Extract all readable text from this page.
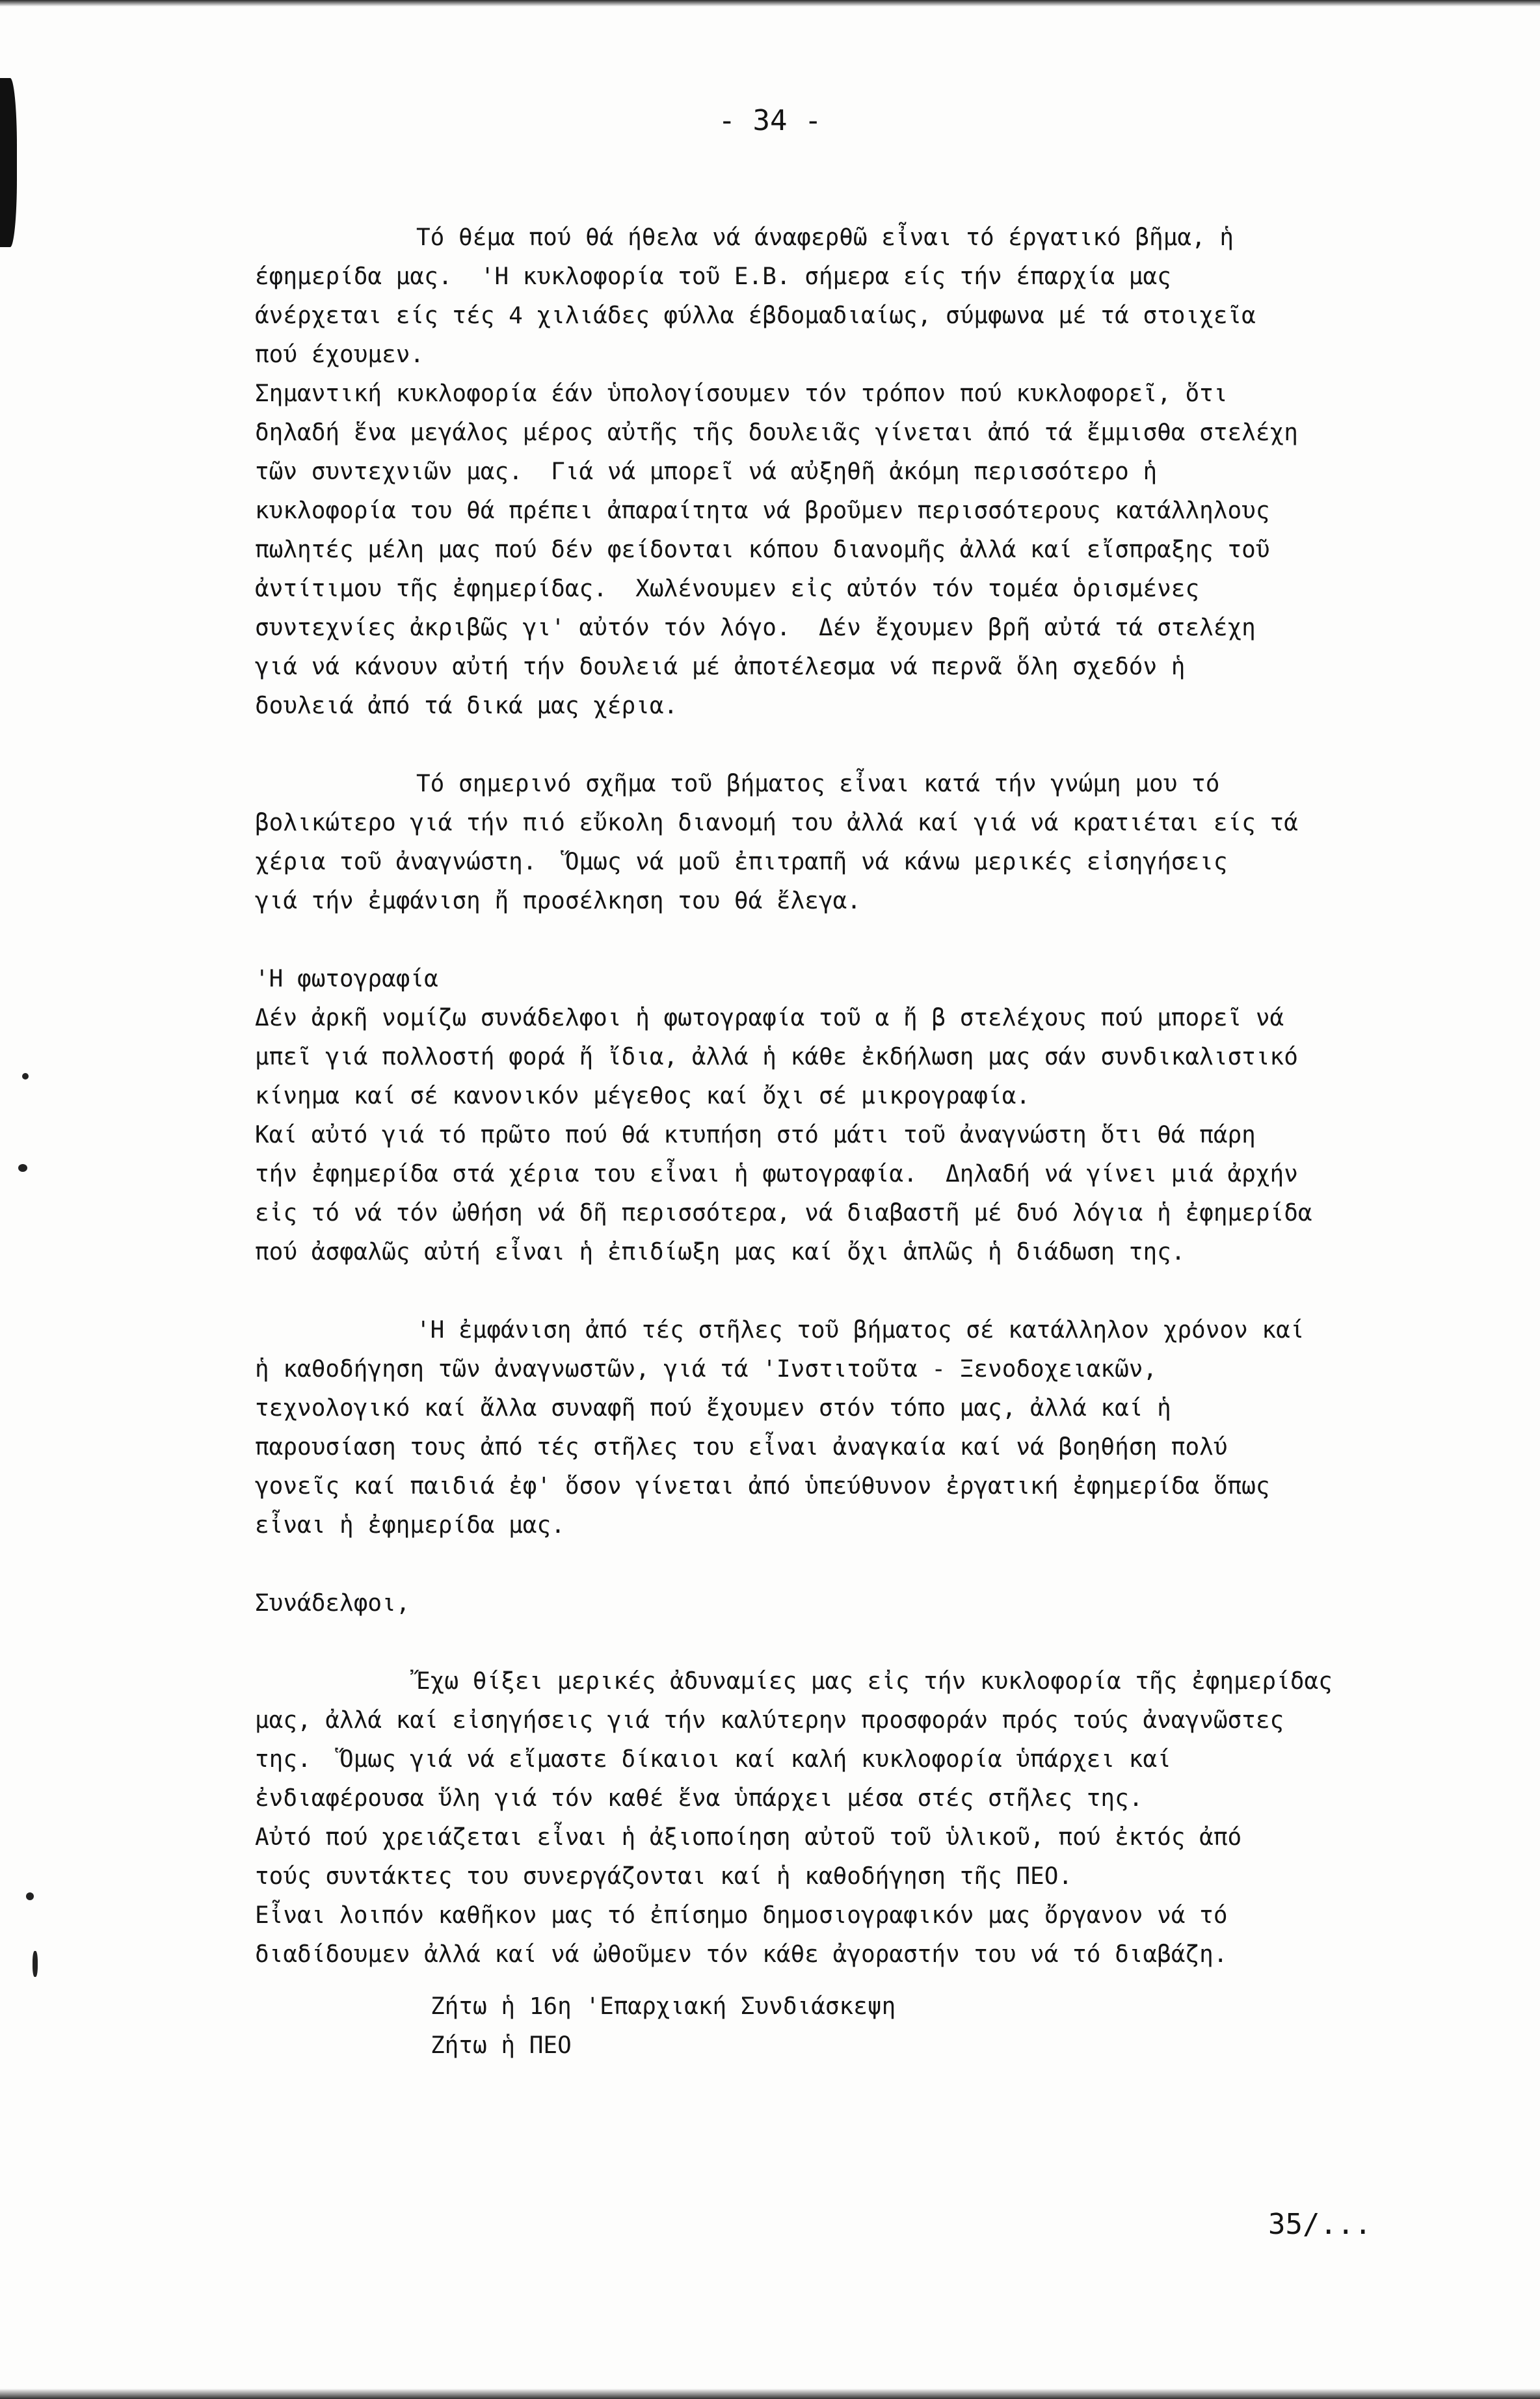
- 34 -
Τό θέμα πού θά ήθελα νά άναφερθῶ εἶναι τό έργατικό βῆμα, ἡ
έφημερίδα μας.  'Η κυκλοφορία τοῦ Ε.Β. σήμερα είς τήν έπαρχία μας
άνέρχεται είς τές 4 χιλιάδες φύλλα έβδομαδιαίως, σύμφωνα μέ τά στοιχεῖα
πού έχουμεν.
Σημαντική κυκλοφορία έάν ὑπολογίσουμεν τόν τρόπον πού κυκλοφορεῖ, ὅτι
δηλαδή ἕνα μεγάλος μέρος αὐτῆς τῆς δουλειᾶς γίνεται ἀπό τά ἔμμισθα στελέχη
τῶν συντεχνιῶν μας.  Γιά νά μπορεῖ νά αὐξηθῆ ἀκόμη περισσότερο ἡ
κυκλοφορία του θά πρέπει ἀπαραίτητα νά βροῦμεν περισσότερους κατάλληλους
πωλητές μέλη μας πού δέν φείδονται κόπου διανομῆς ἀλλά καί εἴσπραξης τοῦ
ἀντίτιμου τῆς ἐφημερίδας.  Χωλένουμεν εἰς αὐτόν τόν τομέα ὁρισμένες
συντεχνίες ἀκριβῶς γι' αὐτόν τόν λόγο.  Δέν ἔχουμεν βρῆ αὐτά τά στελέχη
γιά νά κάνουν αὐτή τήν δουλειά μέ ἀποτέλεσμα νά περνᾶ ὅλη σχεδόν ἡ
δουλειά ἀπό τά δικά μας χέρια.
Τό σημερινό σχῆμα τοῦ βήματος εἶναι κατά τήν γνώμη μου τό
βολικώτερο γιά τήν πιό εὔκολη διανομή του ἀλλά καί γιά νά κρατιέται είς τά
χέρια τοῦ ἀναγνώστη.  Ὅμως νά μοῦ ἐπιτραπῆ νά κάνω μερικές εἰσηγήσεις
γιά τήν ἐμφάνιση ἤ προσέλκηση του θά ἔλεγα.
'Η φωτογραφία
Δέν ἀρκῆ νομίζω συνάδελφοι ἡ φωτογραφία τοῦ α ἤ β στελέχους πού μπορεῖ νά
μπεῖ γιά πολλοστή φορά ἤ ἴδια, ἀλλά ἡ κάθε ἐκδήλωση μας σάν συνδικαλιστικό
κίνημα καί σέ κανονικόν μέγεθος καί ὄχι σέ μικρογραφία.
Καί αὐτό γιά τό πρῶτο πού θά κτυπήση στό μάτι τοῦ ἀναγνώστη ὅτι θά πάρη
τήν ἐφημερίδα στά χέρια του εἶναι ἡ φωτογραφία.  Δηλαδή νά γίνει μιά ἀρχήν
εἰς τό νά τόν ὠθήση νά δῆ περισσότερα, νά διαβαστῆ μέ δυό λόγια ἡ ἐφημερίδα
πού ἀσφαλῶς αὐτή εἶναι ἡ ἐπιδίωξη μας καί ὄχι ἁπλῶς ἡ διάδωση της.
'Η ἐμφάνιση ἀπό τές στῆλες τοῦ βήματος σέ κατάλληλον χρόνον καί
ἡ καθοδήγηση τῶν ἀναγνωστῶν, γιά τά 'Ινστιτοῦτα - Ξενοδοχειακῶν,
τεχνολογικό καί ἄλλα συναφῆ πού ἔχουμεν στόν τόπο μας, ἀλλά καί ἡ
παρουσίαση τους ἀπό τές στῆλες του εἶναι ἀναγκαία καί νά βοηθήση πολύ
γονεῖς καί παιδιά ἐφ' ὅσον γίνεται ἀπό ὑπεύθυνον ἐργατική ἐφημερίδα ὅπως
εἶναι ἡ ἐφημερίδα μας.
Συνάδελφοι,
Ἔχω θίξει μερικές ἀδυναμίες μας εἰς τήν κυκλοφορία τῆς ἐφημερίδας
μας, ἀλλά καί εἰσηγήσεις γιά τήν καλύτερην προσφοράν πρός τούς ἀναγνῶστες
της.  Ὅμως γιά νά εἴμαστε δίκαιοι καί καλή κυκλοφορία ὑπάρχει καί
ἐνδιαφέρουσα ὕλη γιά τόν καθέ ἕνα ὑπάρχει μέσα στές στῆλες της.
Αὐτό πού χρειάζεται εἶναι ἡ ἀξιοποίηση αὐτοῦ τοῦ ὑλικοῦ, πού ἐκτός ἀπό
τούς συντάκτες του συνεργάζονται καί ἡ καθοδήγηση τῆς ΠΕΟ.
Εἶναι λοιπόν καθῆκον μας τό ἐπίσημο δημοσιογραφικόν μας ὄργανον νά τό
διαδίδουμεν ἀλλά καί νά ὠθοῦμεν τόν κάθε ἀγοραστήν του νά τό διαβάζη.
Ζήτω ἡ 16η 'Επαρχιακή Συνδιάσκεψη
Ζήτω ἡ ΠΕΟ
35/...
